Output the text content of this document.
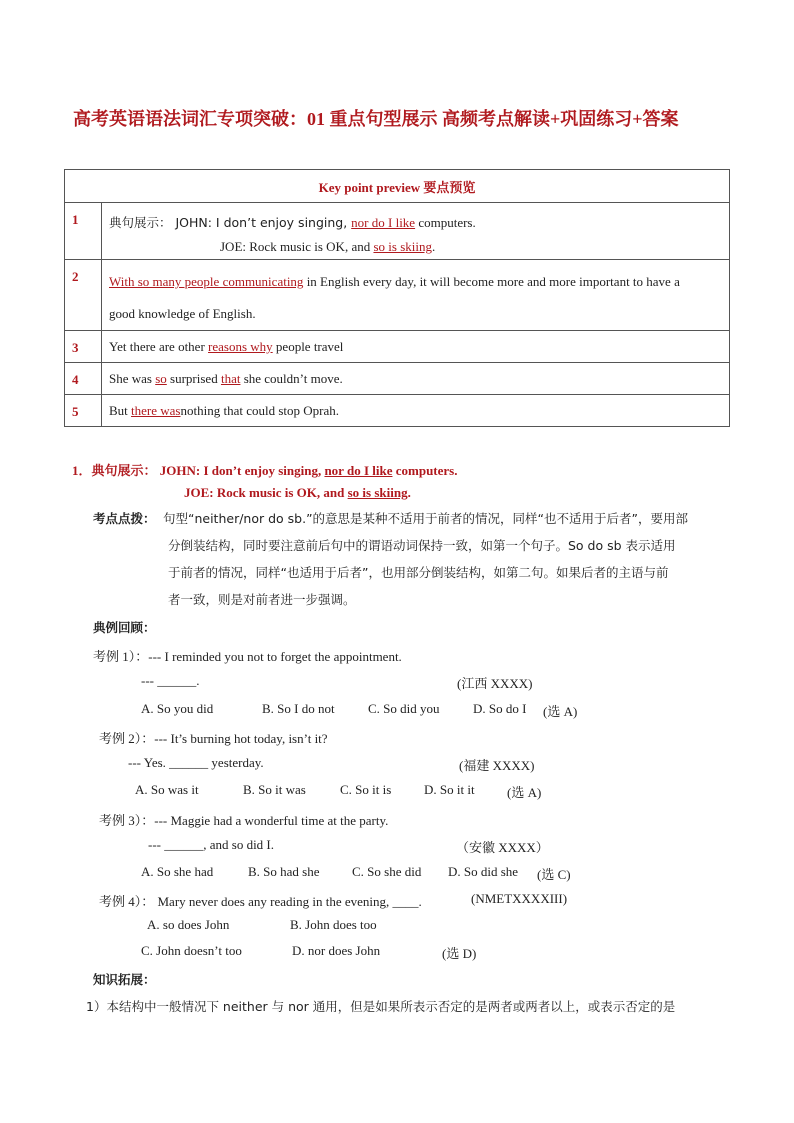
高考英语语法词汇专项突破：01 重点句型展示 高频考点解读+巩固练习+答案
Key point preview 要点预览	
1	典句展示： JOHN: I don’t enjoy singing, nor do I like computers.
JOE: Rock music is OK, and so is skiing.

2	With so many people communicating in English every day, it will become more and more important to have a
good knowledge of English.

3	Yet there are other reasons why people travel
4	She was so surprised that she couldn’t move.
5	But there wasnothing that could stop Oprah.
1．典句展示： JOHN: I don’t enjoy singing, nor do I like computers.
JOE: Rock music is OK, and so is skiing.
考点点拨： 句型“neither/nor do sb.”的意思是某种不适用于前者的情况，同样“也不适用于后者”，要用部
分倒装结构，同时要注意前后句中的谓语动词保持一致，如第一个句子。So do sb 表示适用
于前者的情况，同样“也适用于后者”，也用部分倒装结构，如第二句。如果后者的主语与前
者一致，则是对前者进一步强调。
典例回顾：
考例 1）：--- I reminded you not to forget the appointment.
--- ______.	(江西 XXXX)
A. So you did	B. So I do not	C. So did you	D. So do I (选 A)
考例 2）：--- It’s burning hot today, isn’t it?
--- Yes. ______ yesterday.	(福建 XXXX)
A. So was it	B. So it was	C. So it is	D. So it it (选 A)
考例 3）：--- Maggie had a wonderful time at the party.
--- ______, and so did I.	（安徽 XXXX）
A. So she had	B. So had she	C. So she did D. So did she (选 C)
考例 4）： Mary never does any reading in the evening, ____.	(NMETXXXXIII)
A. so does John	B. John does too
C. John doesn’t too	D. nor does John	(选 D)
知识拓展：
1）本结构中一般情况下 neither 与 nor 通用，但是如果所表示否定的是两者或两者以上，或表示否定的是
